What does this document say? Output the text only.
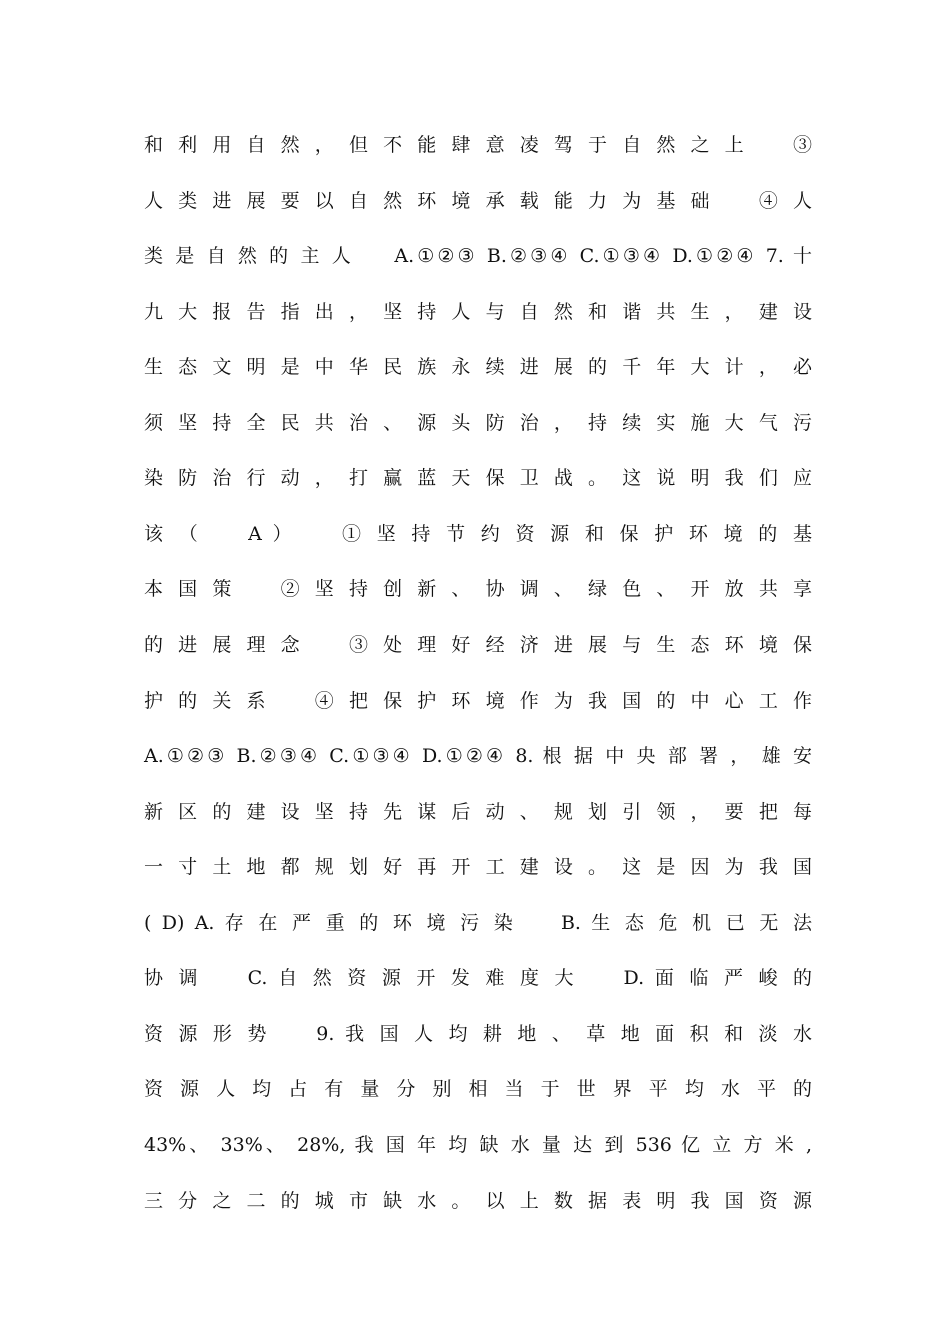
和 利 用 自 然 ， 但 不 能 肆 意 凌 驾 于 自 然 之 上 　 ③

人 类 进 展 要 以 自 然 环 境 承 载 能 力 为 基 础 　 ④ 人

类 是 自 然 的 主 人 　 A.①②③ B.②③④ C.①③④ D.①②④ 7. 十

九 大 报 告 指 出 ， 坚 持 人 与 自 然 和 谐 共 生 ， 建 设

生 态 文 明 是 中 华 民 族 永 续 进 展 的 千 年 大 计 ， 必

须 坚 持 全 民 共 治 、 源 头 防 治 ， 持 续 实 施 大 气 污

染 防 治 行 动 ， 打 赢 蓝 天 保 卫 战 。 这 说 明 我 们 应

该 （ 　 A ） 　 ① 坚 持 节 约 资 源 和 保 护 环 境 的 基

本 国 策 　 ② 坚 持 创 新 、 协 调 、 绿 色 、 开 放 共 享

的 进 展 理 念 　 ③ 处 理 好 经 济 进 展 与 生 态 环 境 保

护 的 关 系 　 ④ 把 保 护 环 境 作 为 我 国 的 中 心 工 作

A.①②③ B.②③④ C.①③④ D.①②④ 8. 根 据 中 央 部 署 ， 雄 安

新 区 的 建 设 坚 持 先 谋 后 动 、 规 划 引 领 ， 要 把 每

一 寸 土 地 都 规 划 好 再 开 工 建 设 。 这 是 因 为 我 国

( D) A. 存 在 严 重 的 环 境 污 染 　 B. 生 态 危 机 已 无 法

协 调 　 C. 自 然 资 源 开 发 难 度 大 　 D. 面 临 严 峻 的

资 源 形 势 　 9. 我 国 人 均 耕 地 、 草 地 面 积 和 淡 水

资 源 人 均 占 有 量 分 别 相 当 于 世 界 平 均 水 平 的

43%、 33%、 28%, 我 国 年 均 缺 水 量 达 到 536 亿 立 方 米 ,

三 分 之 二 的 城 市 缺 水 。 以 上 数 据 表 明 我 国 资 源
